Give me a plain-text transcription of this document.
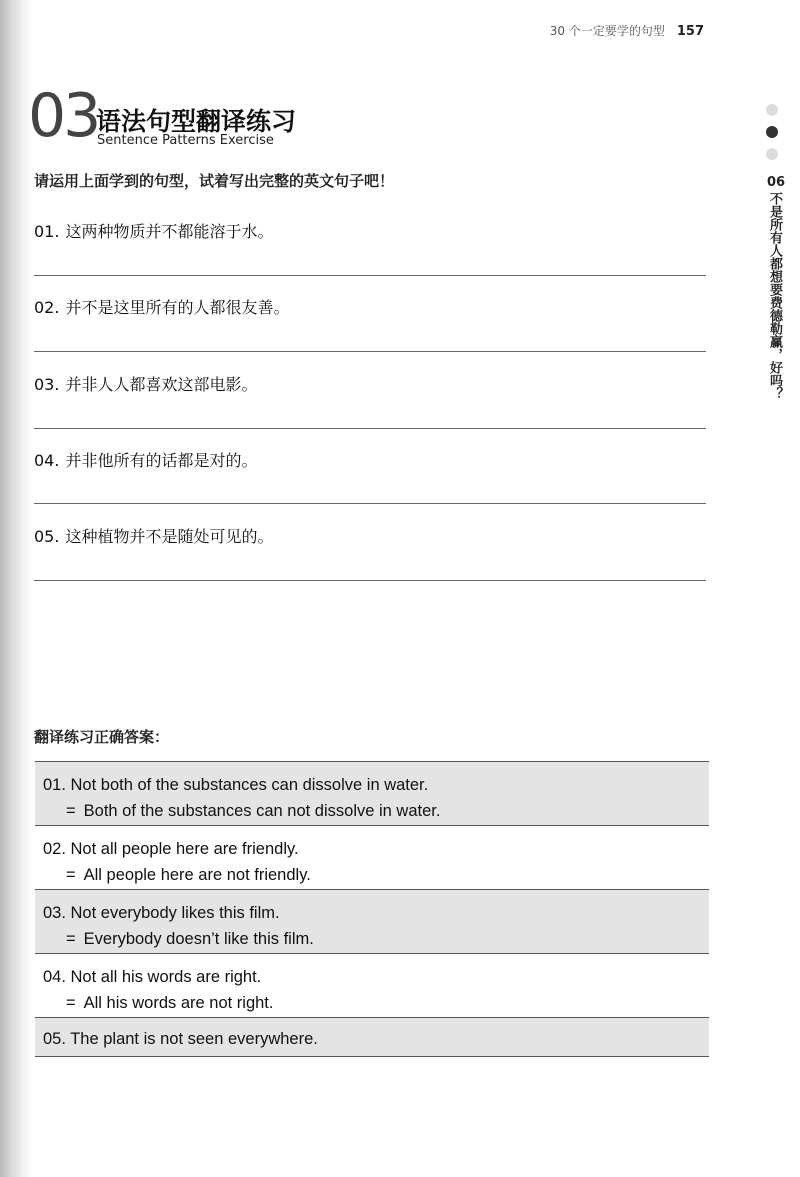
30 个一定要学的句型 157
03
语法句型翻译练习
Sentence Patterns Exercise
请运用上面学到的句型，试着写出完整的英文句子吧！
01. 这两种物质并不都能溶于水。
02. 并不是这里所有的人都很友善。
03. 并非人人都喜欢这部电影。
04. 并非他所有的话都是对的。
05. 这种植物并不是随处可见的。
06
不是所有人都想要费德勒赢，好吗？
翻译练习正确答案：
01. Not both of the substances can dissolve in water.
= Both of the substances can not dissolve in water.
02. Not all people here are friendly.
= All people here are not friendly.
03. Not everybody likes this film.
= Everybody doesn’t like this film.
04. Not all his words are right.
= All his words are not right.
05. The plant is not seen everywhere.
